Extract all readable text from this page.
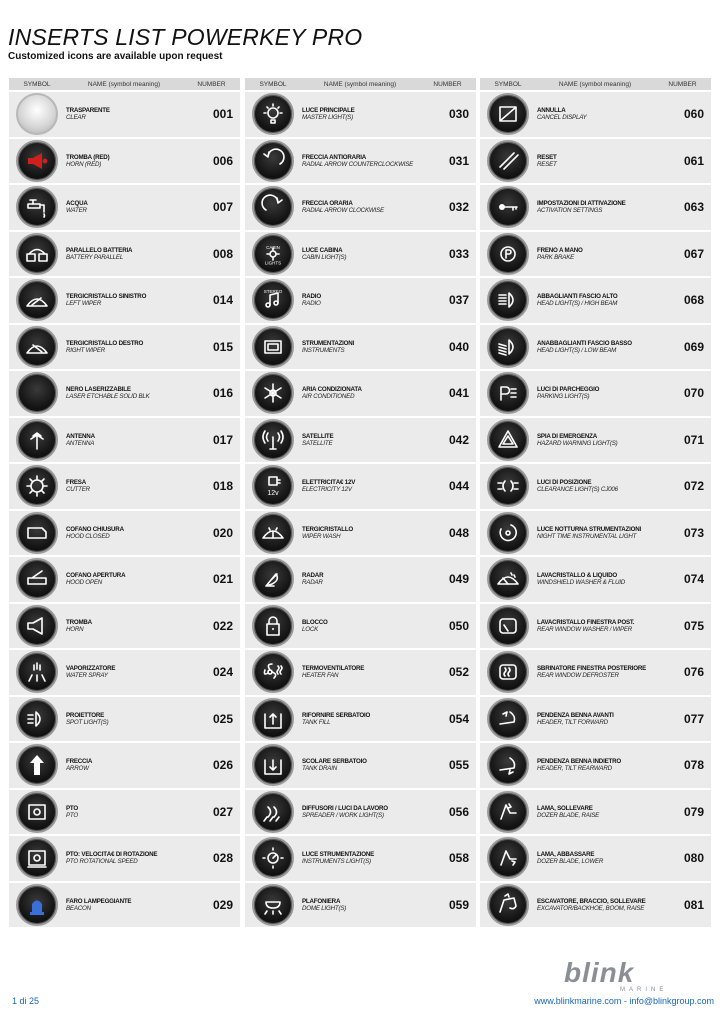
INSERTS LIST POWERKEY PRO
Customized icons are available upon request
SYMBOL	NAME (symbol meaning)	NUMBER
TRASPARENTE
CLEAR	001
TROMBA (RED)
HORN (RED)	006
ACQUA
WATER	007
PARALLELO BATTERIA
BATTERY PARALLEL	008
TERGICRISTALLO SINISTRO
LEFT WIPER	014
TERGICRISTALLO DESTRO
RIGHT WIPER	015
NERO LASERIZZABILE
LASER ETCHABLE SOLID BLK	016
ANTENNA
ANTENNA	017
FRESA
CUTTER	018
COFANO CHIUSURA
HOOD CLOSED	020
COFANO APERTURA
HOOD OPEN	021
TROMBA
HORN	022
VAPORIZZATORE
WATER SPRAY	024
PROIETTORE
SPOT LIGHT(S)	025
FRECCIA
ARROW	026
PTO
PTO	027
PTO: VELOCITÃ€ DI ROTAZIONE
PTO ROTATIONAL SPEED	028
FARO LAMPEGGIANTE
BEACON	029
SYMBOL	NAME (symbol meaning)	NUMBER
LUCE PRINCIPALE
MASTER LIGHT(S)	030
FRECCIA ANTIORARIA
RADIAL ARROW COUNTERCLOCKWISE	031
FRECCIA ORARIA
RADIAL ARROW CLOCKWISE	032
CABIN
LIGHTS
LUCE CABINA
CABIN LIGHT(S)	033
STEREO
RADIO
RADIO	037
STRUMENTAZIONI
INSTRUMENTS	040
ARIA CONDIZIONATA
AIR CONDITIONED	041
SATELLITE
SATELLITE	042
12v
ELETTRICITÃ€ 12V
ELECTRICITY 12V	044
TERGICRISTALLO
WIPER WASH	048
RADAR
RADAR	049
BLOCCO
LOCK	050
TERMOVENTILATORE
HEATER FAN	052
RIFORNIRE SERBATOIO
TANK FILL	054
SCOLARE SERBATOIO
TANK DRAIN	055
DIFFUSORI / LUCI DA LAVORO
SPREADER / WORK LIGHT(S)	056
LUCE STRUMENTAZIONE
INSTRUMENTS LIGHT(S)	058
PLAFONIERA
DOME LIGHT(S)	059
SYMBOL	NAME (symbol meaning)	NUMBER
ANNULLA
CANCEL DISPLAY	060
RESET
RESET	061
IMPOSTAZIONI DI ATTIVAZIONE
ACTIVATION SETTINGS	063
FRENO A MANO
PARK BRAKE	067
ABBAGLIANTI FASCIO ALTO
HEAD LIGHT(S) / HIGH BEAM	068
ANABBAGLIANTI FASCIO BASSO
HEAD LIGHT(S) / LOW BEAM	069
LUCI DI PARCHEGGIO
PARKING LIGHT(S)	070
SPIA DI EMERGENZA
HAZARD WARNING LIGHT(S)	071
LUCI DI POSIZIONE
CLEARANCE LIGHT(S) CJ006	072
LUCE NOTTURNA STRUMENTAZIONI
NIGHT TIME INSTRUMENTAL LIGHT	073
LAVACRISTALLO & LIQUIDO
WINDSHIELD WASHER & FLUID	074
LAVACRISTALLO FINESTRA POST.
REAR WINDOW WASHER / WIPER	075
SBRINATORE FINESTRA POSTERIORE
REAR WINDOW DEFROSTER	076
PENDENZA BENNA AVANTI
HEADER, TILT FORWARD	077
PENDENZA BENNA INDIETRO
HEADER, TILT REARWARD	078
LAMA, SOLLEVARE
DOZER BLADE, RAISE	079
LAMA, ABBASSARE
DOZER BLADE, LOWER	080
ESCAVATORE, BRACCIO, SOLLEVARE
EXCAVATOR/BACKHOE, BOOM, RAISE	081
blink
MARINE
1 di 25	www.blinkmarine.com - info@blinkgroup.com
